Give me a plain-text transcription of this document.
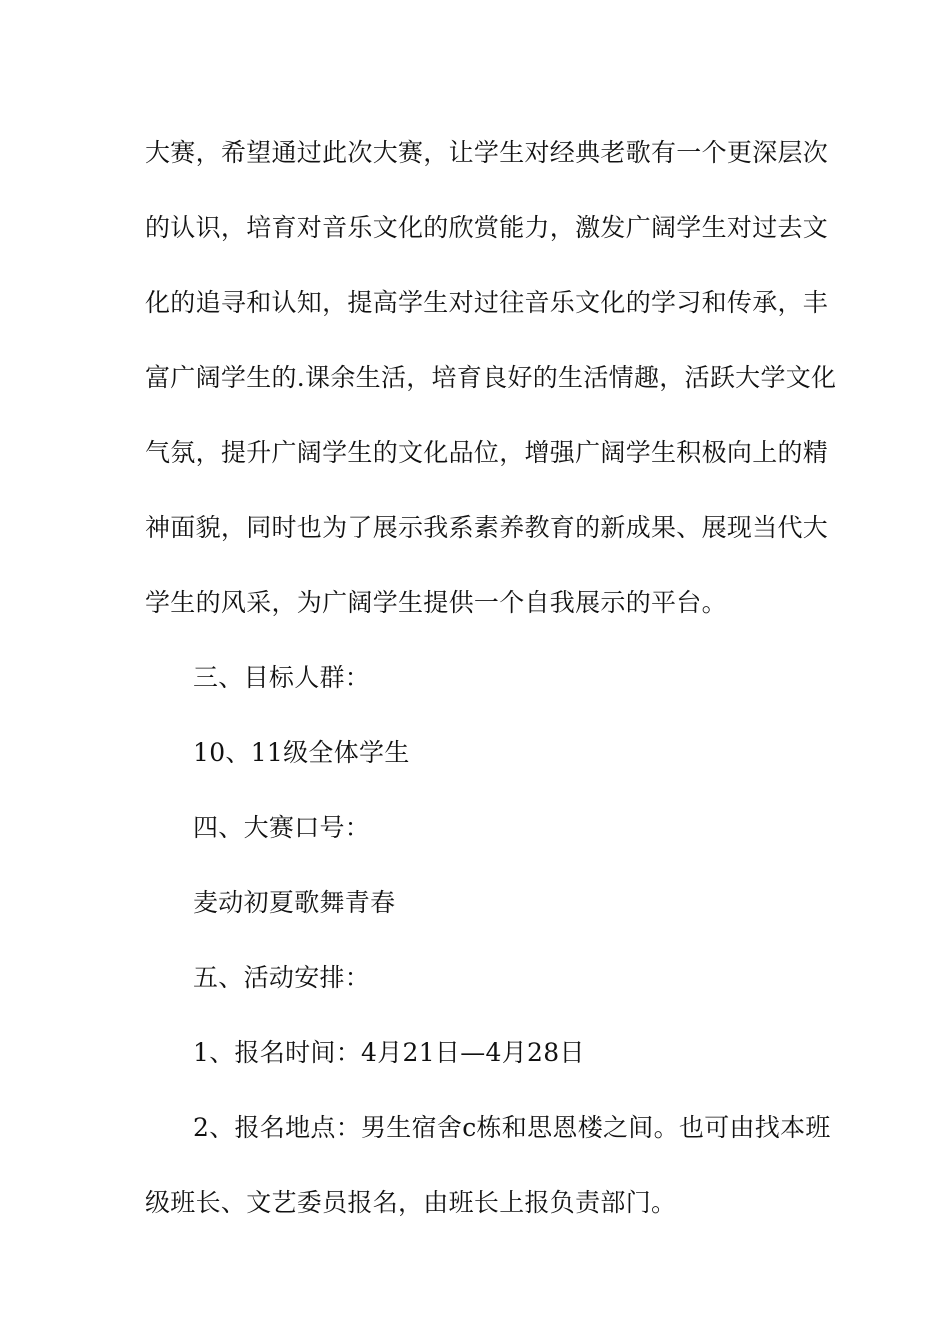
大赛，希望通过此次大赛，让学生对经典老歌有一个更深层次
的认识，培育对音乐文化的欣赏能力，激发广阔学生对过去文
化的追寻和认知，提高学生对过往音乐文化的学习和传承，丰
富广阔学生的.课余生活，培育良好的生活情趣，活跃大学文化
气氛，提升广阔学生的文化品位，增强广阔学生积极向上的精
神面貌，同时也为了展示我系素养教育的新成果、展现当代大
学生的风采，为广阔学生提供一个自我展示的平台。
三、目标人群：
10、11级全体学生
四、大赛口号：
麦动初夏歌舞青春
五、活动安排：
1、报名时间：4月21日—4月28日
2、报名地点：男生宿舍c栋和思恩楼之间。也可由找本班
级班长、文艺委员报名，由班长上报负责部门。
